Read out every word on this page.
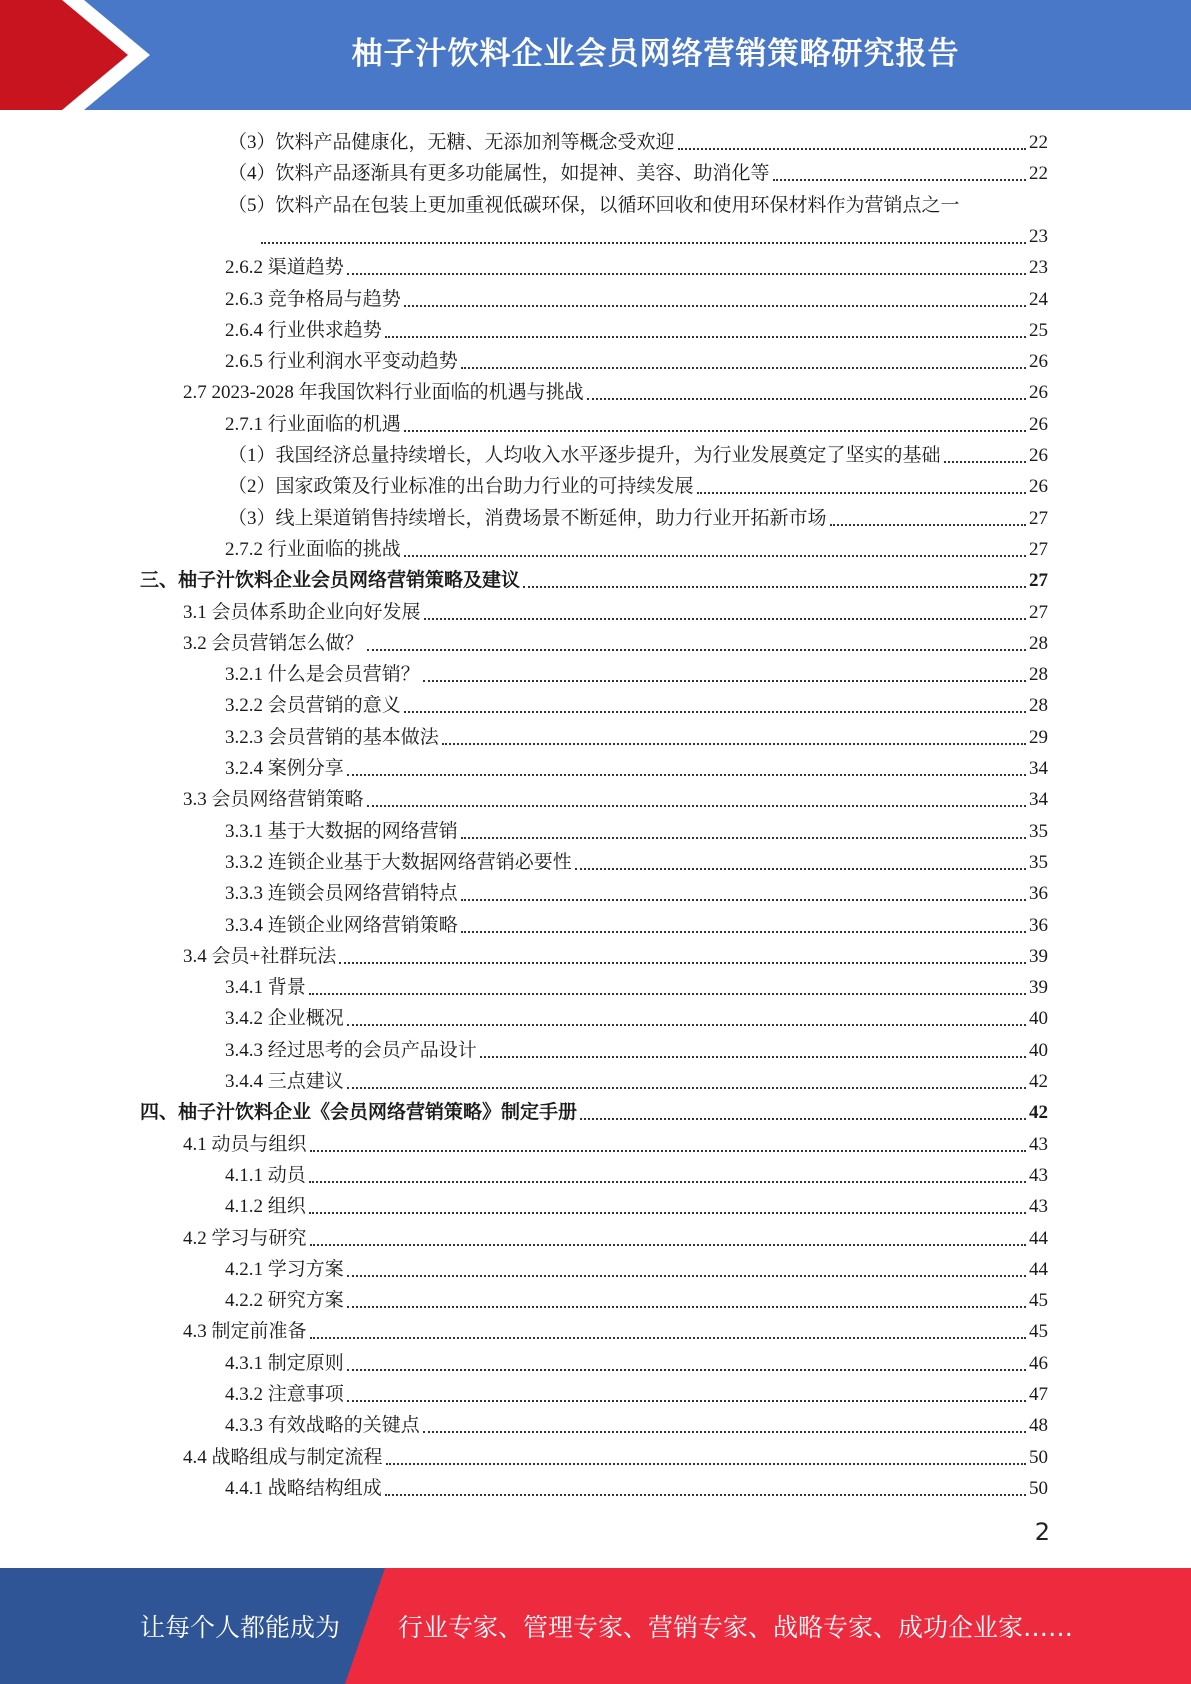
柚子汁饮料企业会员网络营销策略研究报告
（3）饮料产品健康化，无糖、无添加剂等概念受欢迎	22
（4）饮料产品逐渐具有更多功能属性，如提神、美容、助消化等	22
（5）饮料产品在包装上更加重视低碳环保，以循环回收和使用环保材料作为营销点之一
23
2.6.2 渠道趋势	23
2.6.3 竞争格局与趋势	24
2.6.4 行业供求趋势	25
2.6.5 行业利润水平变动趋势	26
2.7 2023-2028 年我国饮料行业面临的机遇与挑战	26
2.7.1 行业面临的机遇	26
（1）我国经济总量持续增长，人均收入水平逐步提升，为行业发展奠定了坚实的基础	26
（2）国家政策及行业标准的出台助力行业的可持续发展	26
（3）线上渠道销售持续增长，消费场景不断延伸，助力行业开拓新市场	27
2.7.2 行业面临的挑战	27
三、柚子汁饮料企业会员网络营销策略及建议	27
3.1 会员体系助企业向好发展	27
3.2 会员营销怎么做？	28
3.2.1 什么是会员营销？	28
3.2.2 会员营销的意义	28
3.2.3 会员营销的基本做法	29
3.2.4 案例分享	34
3.3 会员网络营销策略	34
3.3.1 基于大数据的网络营销	35
3.3.2 连锁企业基于大数据网络营销必要性	35
3.3.3 连锁会员网络营销特点	36
3.3.4 连锁企业网络营销策略	36
3.4 会员+社群玩法	39
3.4.1 背景	39
3.4.2 企业概况	40
3.4.3 经过思考的会员产品设计	40
3.4.4 三点建议	42
四、柚子汁饮料企业《会员网络营销策略》制定手册	42
4.1 动员与组织	43
4.1.1 动员	43
4.1.2 组织	43
4.2 学习与研究	44
4.2.1 学习方案	44
4.2.2 研究方案	45
4.3 制定前准备	45
4.3.1 制定原则	46
4.3.2 注意事项	47
4.3.3 有效战略的关键点	48
4.4 战略组成与制定流程	50
4.4.1 战略结构组成	50
2
让每个人都能成为 行业专家、管理专家、营销专家、战略专家、成功企业家……
